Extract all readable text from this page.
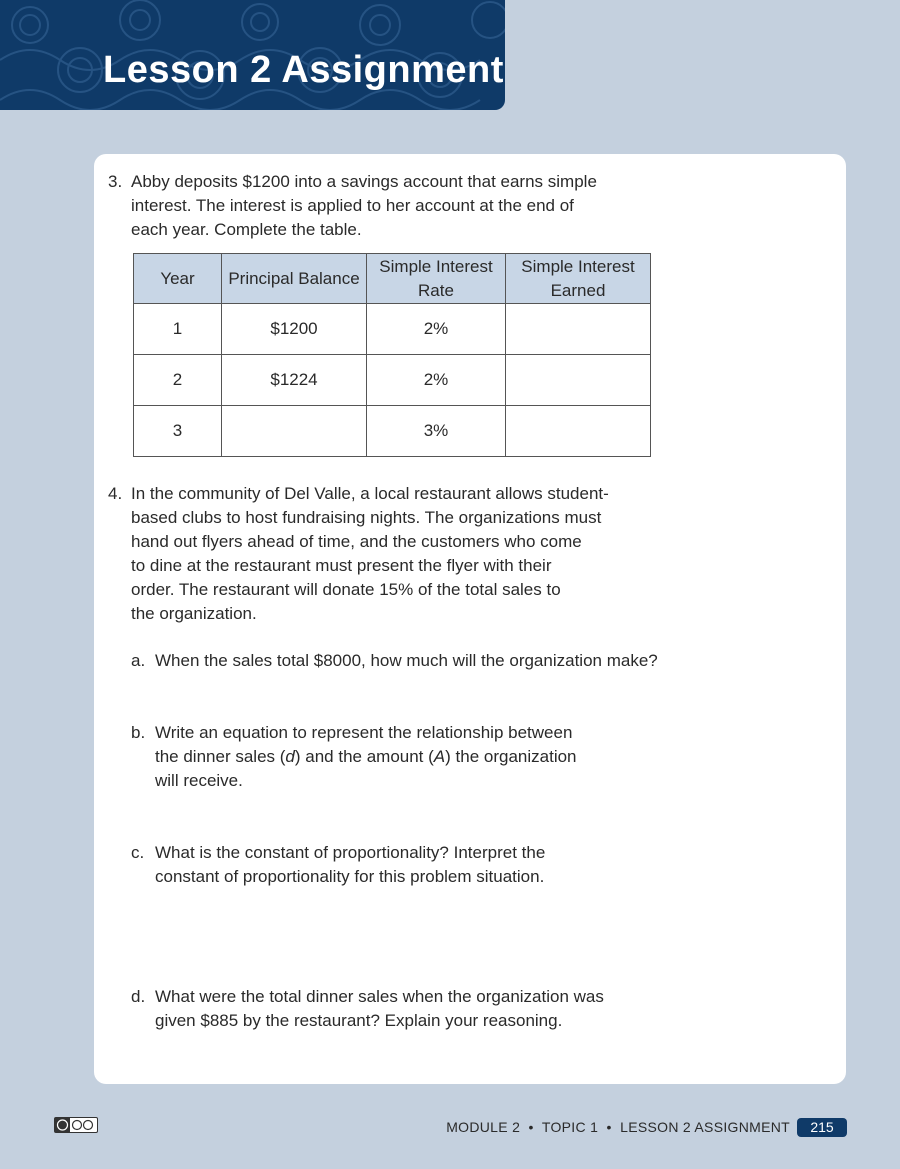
Lesson 2 Assignment
3. Abby deposits $1200 into a savings account that earns simple

interest. The interest is applied to her account at the end of

each year. Complete the table.

Year	Principal Balance	Simple Interest Rate	Simple Interest Earned
1	$1200	2%	
2	$1224	2%	
3		3%	
4. In the community of Del Valle, a local restaurant allows student-

based clubs to host fundraising nights. The organizations must

hand out flyers ahead of time, and the customers who come

to dine at the restaurant must present the flyer with their

order. The restaurant will donate 15% of the total sales to

the organization.

a. When the sales total $8000, how much will the organization make?

b. Write an equation to represent the relationship between

the dinner sales (d) and the amount (A) the organization

will receive.

c. What is the constant of proportionality? Interpret the

constant of proportionality for this problem situation.

d. What were the total dinner sales when the organization was

given $885 by the restaurant? Explain your reasoning.

MODULE 2  •  TOPIC 1  •  LESSON 2 ASSIGNMENT	215
